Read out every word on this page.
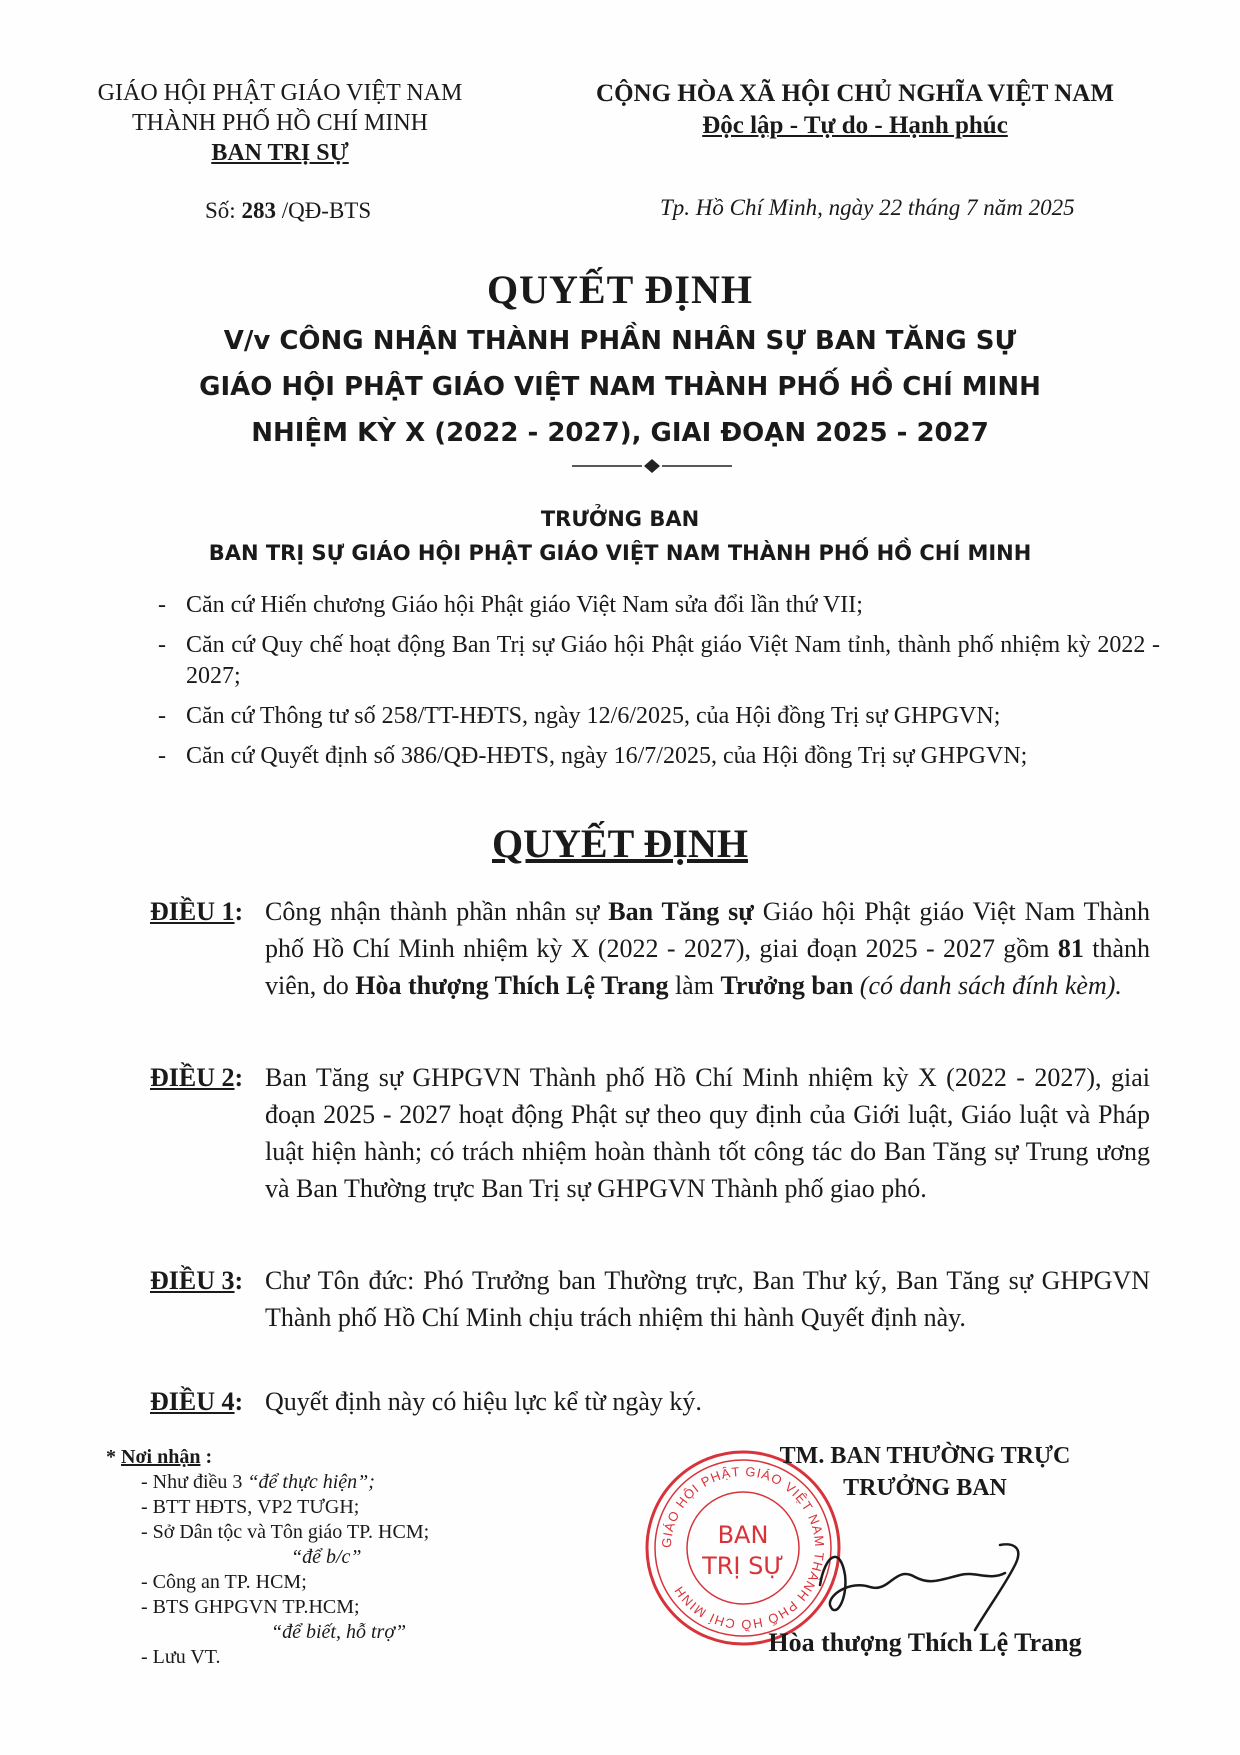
GIÁO HỘI PHẬT GIÁO VIỆT NAM
THÀNH PHỐ HỒ CHÍ MINH
BAN TRỊ SỰ
Số: 283 /QĐ-BTS
CỘNG HÒA XÃ HỘI CHỦ NGHĨA VIỆT NAM
Độc lập - Tự do - Hạnh phúc
Tp. Hồ Chí Minh, ngày 22 tháng 7 năm 2025
QUYẾT ĐỊNH
V/v CÔNG NHẬN THÀNH PHẦN NHÂN SỰ BAN TĂNG SỰ
GIÁO HỘI PHẬT GIÁO VIỆT NAM THÀNH PHỐ HỒ CHÍ MINH
NHIỆM KỲ X (2022 - 2027), GIAI ĐOẠN 2025 - 2027
TRƯỞNG BAN
BAN TRỊ SỰ GIÁO HỘI PHẬT GIÁO VIỆT NAM THÀNH PHỐ HỒ CHÍ MINH
- Căn cứ Hiến chương Giáo hội Phật giáo Việt Nam sửa đổi lần thứ VII;
- Căn cứ Quy chế hoạt động Ban Trị sự Giáo hội Phật giáo Việt Nam tỉnh, thành phố nhiệm kỳ 2022 - 2027;
- Căn cứ Thông tư số 258/TT-HĐTS, ngày 12/6/2025, của Hội đồng Trị sự GHPGVN;
- Căn cứ Quyết định số 386/QĐ-HĐTS, ngày 16/7/2025, của Hội đồng Trị sự GHPGVN;
QUYẾT ĐỊNH
ĐIỀU 1: Công nhận thành phần nhân sự Ban Tăng sự Giáo hội Phật giáo Việt Nam Thành phố Hồ Chí Minh nhiệm kỳ X (2022 - 2027), giai đoạn 2025 - 2027 gồm 81 thành viên, do Hòa thượng Thích Lệ Trang làm Trưởng ban (có danh sách đính kèm).
ĐIỀU 2: Ban Tăng sự GHPGVN Thành phố Hồ Chí Minh nhiệm kỳ X (2022 - 2027), giai đoạn 2025 - 2027 hoạt động Phật sự theo quy định của Giới luật, Giáo luật và Pháp luật hiện hành; có trách nhiệm hoàn thành tốt công tác do Ban Tăng sự Trung ương và Ban Thường trực Ban Trị sự GHPGVN Thành phố giao phó.
ĐIỀU 3: Chư Tôn đức: Phó Trưởng ban Thường trực, Ban Thư ký, Ban Tăng sự GHPGVN Thành phố Hồ Chí Minh chịu trách nhiệm thi hành Quyết định này.
ĐIỀU 4: Quyết định này có hiệu lực kể từ ngày ký.
* Nơi nhận :
- Như điều 3 “để thực hiện”;
- BTT HĐTS, VP2 TƯGH;
- Sở Dân tộc và Tôn giáo TP. HCM;
“để b/c”
- Công an TP. HCM;
- BTS GHPGVN TP.HCM;
“để biết, hỗ trợ”
- Lưu VT.
GIÁO HỘI PHẬT GIÁO VIỆT NAM THÀNH PHỐ HỒ CHÍ MINH
BAN
TRỊ SỰ
TM. BAN THƯỜNG TRỰC
TRƯỞNG BAN
Hòa thượng Thích Lệ Trang
